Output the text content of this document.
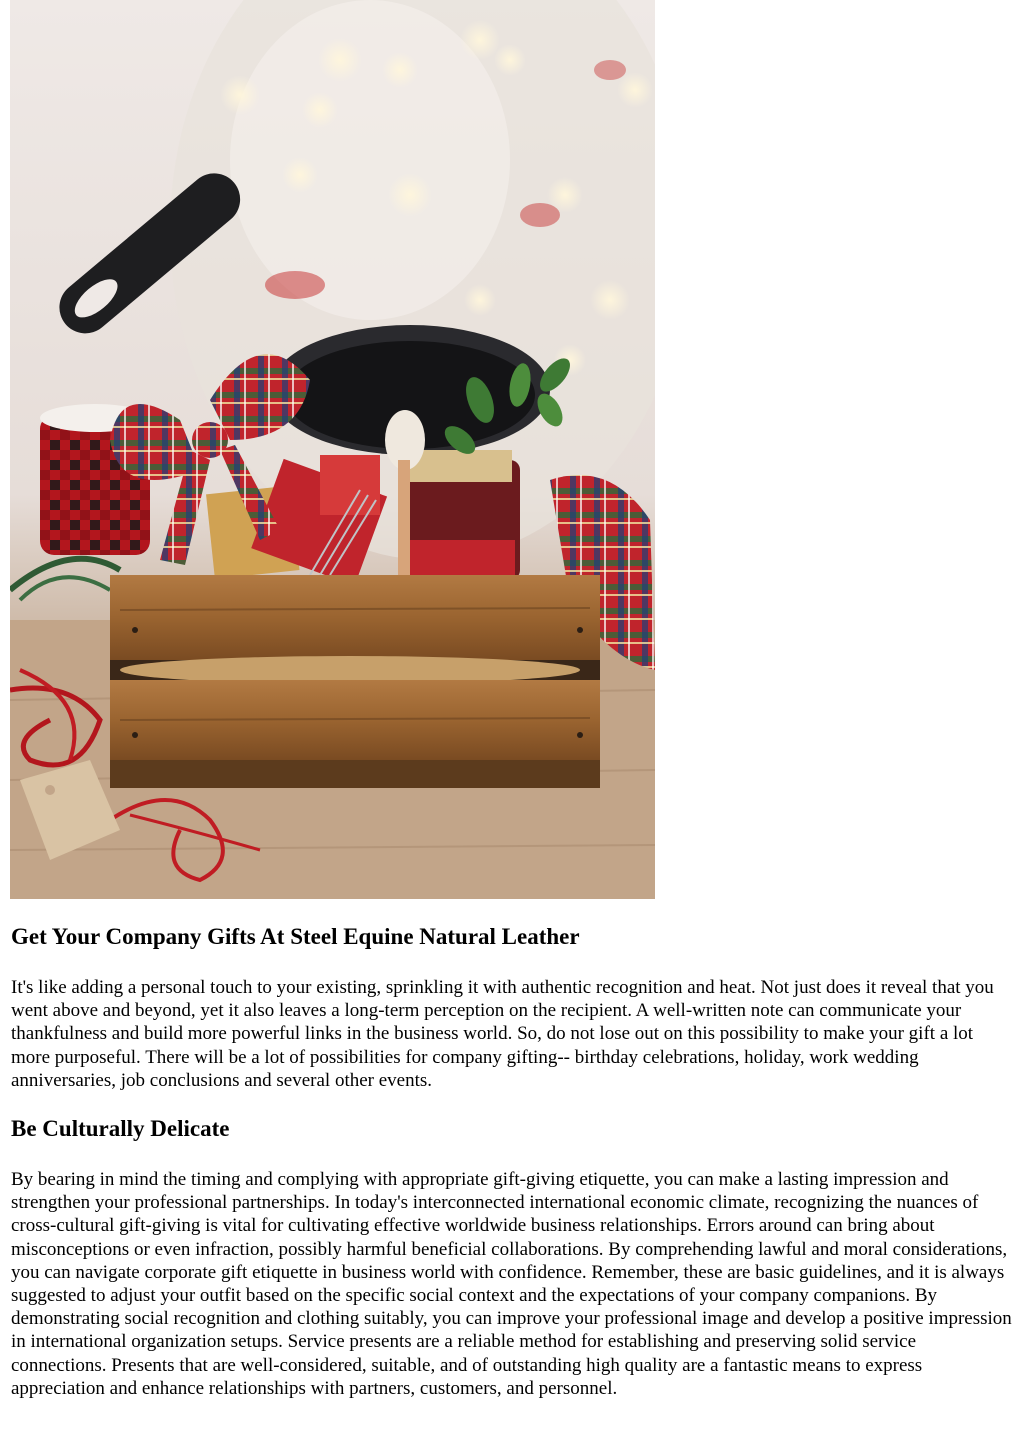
Get Your Company Gifts At Steel Equine Natural Leather

It's like adding a personal touch to your existing, sprinkling it with authentic recognition and heat. Not just does it reveal that you went above and beyond, yet it also leaves a long-term perception on the recipient. A well-written note can communicate your thankfulness and build more powerful links in the business world. So, do not lose out on this possibility to make your gift a lot more purposeful. There will be a lot of possibilities for company gifting-- birthday celebrations, holiday, work wedding anniversaries, job conclusions and several other events.

Be Culturally Delicate

By bearing in mind the timing and complying with appropriate gift-giving etiquette, you can make a lasting impression and strengthen your professional partnerships. In today's interconnected international economic climate, recognizing the nuances of cross-cultural gift-giving is vital for cultivating effective worldwide business relationships. Errors around can bring about misconceptions or even infraction, possibly harmful beneficial collaborations. By comprehending lawful and moral considerations, you can navigate corporate gift etiquette in business world with confidence. Remember, these are basic guidelines, and it is always suggested to adjust your outfit based on the specific social context and the expectations of your company companions. By demonstrating social recognition and clothing suitably, you can improve your professional image and develop a positive impression in international organization setups. Service presents are a reliable method for establishing and preserving solid service connections. Presents that are well-considered, suitable, and of outstanding high quality are a fantastic means to express appreciation and enhance relationships with partners, customers, and personnel.
